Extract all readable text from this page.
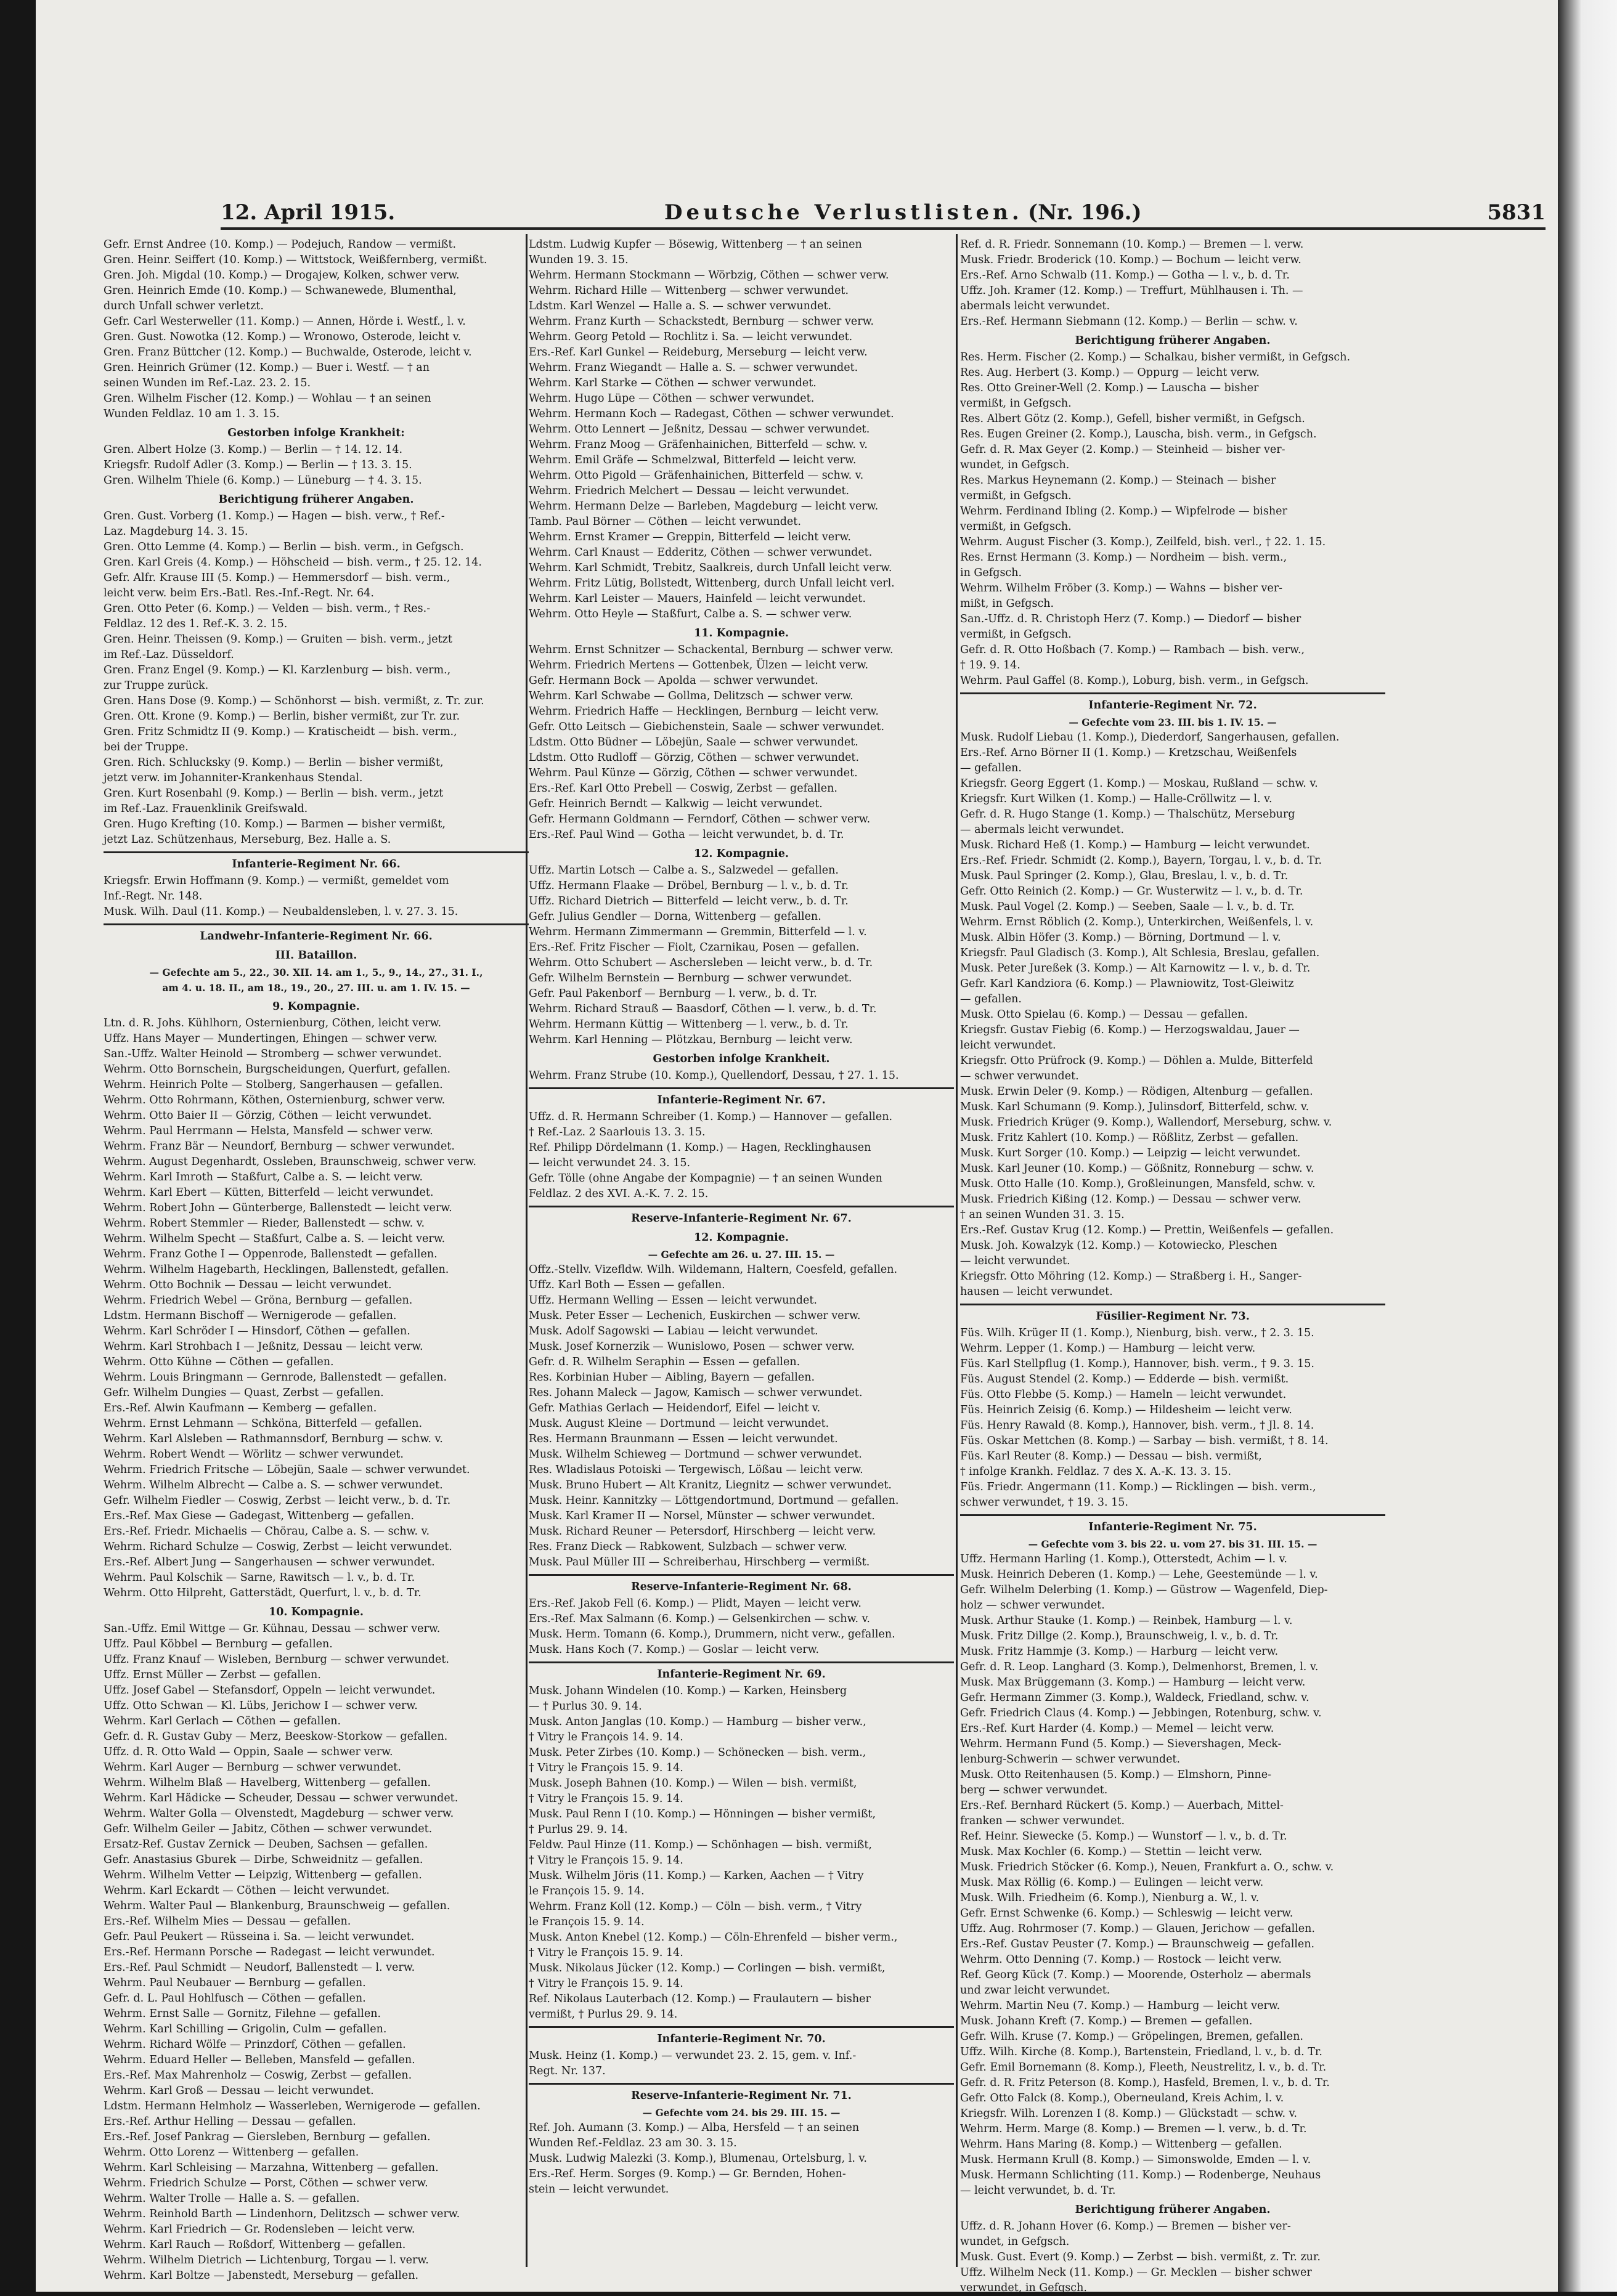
12. April 1915.	Deutsche Verlustlisten. (Nr. 196.)	5831
Gefr. Ernst Andree (10. Komp.) — Podejuch, Randow — vermißt.
Gren. Heinr. Seiffert (10. Komp.) — Wittstock, Weißfernberg, vermißt.
Gren. Joh. Migdal (10. Komp.) — Drogajew, Kolken, schwer verw.
Gren. Heinrich Emde (10. Komp.) — Schwanewede, Blumenthal,
durch Unfall schwer verletzt.
Gefr. Carl Westerweller (11. Komp.) — Annen, Hörde i. Westf., l. v.
Gren. Gust. Nowotka (12. Komp.) — Wronowo, Osterode, leicht v.
Gren. Franz Büttcher (12. Komp.) — Buchwalde, Osterode, leicht v.
Gren. Heinrich Grümer (12. Komp.) — Buer i. Westf. — † an
seinen Wunden im Ref.-Laz. 23. 2. 15.
Gren. Wilhelm Fischer (12. Komp.) — Wohlau — † an seinen
Wunden Feldlaz. 10 am 1. 3. 15.
Gestorben infolge Krankheit:
Gren. Albert Holze (3. Komp.) — Berlin — † 14. 12. 14.
Kriegsfr. Rudolf Adler (3. Komp.) — Berlin — † 13. 3. 15.
Gren. Wilhelm Thiele (6. Komp.) — Lüneburg — † 4. 3. 15.
Berichtigung früherer Angaben.
Gren. Gust. Vorberg (1. Komp.) — Hagen — bish. verw., † Ref.-
Laz. Magdeburg 14. 3. 15.
Gren. Otto Lemme (4. Komp.) — Berlin — bish. verm., in Gefgsch.
Gren. Karl Greis (4. Komp.) — Höhscheid — bish. verm., † 25. 12. 14.
Gefr. Alfr. Krause III (5. Komp.) — Hemmersdorf — bish. verm.,
leicht verw. beim Ers.-Batl. Res.-Inf.-Regt. Nr. 64.
Gren. Otto Peter (6. Komp.) — Velden — bish. verm., † Res.-
Feldlaz. 12 des 1. Ref.-K. 3. 2. 15.
Gren. Heinr. Theissen (9. Komp.) — Gruiten — bish. verm., jetzt
im Ref.-Laz. Düsseldorf.
Gren. Franz Engel (9. Komp.) — Kl. Karzlenburg — bish. verm.,
zur Truppe zurück.
Gren. Hans Dose (9. Komp.) — Schönhorst — bish. vermißt, z. Tr. zur.
Gren. Ott. Krone (9. Komp.) — Berlin, bisher vermißt, zur Tr. zur.
Gren. Fritz Schmidtz II (9. Komp.) — Kratischeidt — bish. verm.,
bei der Truppe.
Gren. Rich. Schlucksky (9. Komp.) — Berlin — bisher vermißt,
jetzt verw. im Johanniter-Krankenhaus Stendal.
Gren. Kurt Rosenbahl (9. Komp.) — Berlin — bish. verm., jetzt
im Ref.-Laz. Frauenklinik Greifswald.
Gren. Hugo Krefting (10. Komp.) — Barmen — bisher vermißt,
jetzt Laz. Schützenhaus, Merseburg, Bez. Halle a. S.
Infanterie-Regiment Nr. 66.
Kriegsfr. Erwin Hoffmann (9. Komp.) — vermißt, gemeldet vom
Inf.-Regt. Nr. 148.
Musk. Wilh. Daul (11. Komp.) — Neubaldensleben, l. v. 27. 3. 15.
Landwehr-Infanterie-Regiment Nr. 66.
III. Bataillon.
— Gefechte am 5., 22., 30. XII. 14. am 1., 5., 9., 14., 27., 31. I.,
am 4. u. 18. II., am 18., 19., 20., 27. III. u. am 1. IV. 15. —
9. Kompagnie.
Ltn. d. R. Johs. Kühlhorn, Osternienburg, Cöthen, leicht verw.
Uffz. Hans Mayer — Mundertingen, Ehingen — schwer verw.
San.-Uffz. Walter Heinold — Stromberg — schwer verwundet.
Wehrm. Otto Bornschein, Burgscheidungen, Querfurt, gefallen.
Wehrm. Heinrich Polte — Stolberg, Sangerhausen — gefallen.
Wehrm. Otto Rohrmann, Köthen, Osternienburg, schwer verw.
Wehrm. Otto Baier II — Görzig, Cöthen — leicht verwundet.
Wehrm. Paul Herrmann — Helsta, Mansfeld — schwer verw.
Wehrm. Franz Bär — Neundorf, Bernburg — schwer verwundet.
Wehrm. August Degenhardt, Ossleben, Braunschweig, schwer verw.
Wehrm. Karl Imroth — Staßfurt, Calbe a. S. — leicht verw.
Wehrm. Karl Ebert — Kütten, Bitterfeld — leicht verwundet.
Wehrm. Robert John — Günterberge, Ballenstedt — leicht verw.
Wehrm. Robert Stemmler — Rieder, Ballenstedt — schw. v.
Wehrm. Wilhelm Specht — Staßfurt, Calbe a. S. — leicht verw.
Wehrm. Franz Gothe I — Oppenrode, Ballenstedt — gefallen.
Wehrm. Wilhelm Hagebarth, Hecklingen, Ballenstedt, gefallen.
Wehrm. Otto Bochnik — Dessau — leicht verwundet.
Wehrm. Friedrich Webel — Gröna, Bernburg — gefallen.
Ldstm. Hermann Bischoff — Wernigerode — gefallen.
Wehrm. Karl Schröder I — Hinsdorf, Cöthen — gefallen.
Wehrm. Karl Strohbach I — Jeßnitz, Dessau — leicht verw.
Wehrm. Otto Kühne — Cöthen — gefallen.
Wehrm. Louis Bringmann — Gernrode, Ballenstedt — gefallen.
Gefr. Wilhelm Dungies — Quast, Zerbst — gefallen.
Ers.-Ref. Alwin Kaufmann — Kemberg — gefallen.
Wehrm. Ernst Lehmann — Schköna, Bitterfeld — gefallen.
Wehrm. Karl Alsleben — Rathmannsdorf, Bernburg — schw. v.
Wehrm. Robert Wendt — Wörlitz — schwer verwundet.
Wehrm. Friedrich Fritsche — Löbejün, Saale — schwer verwundet.
Wehrm. Wilhelm Albrecht — Calbe a. S. — schwer verwundet.
Gefr. Wilhelm Fiedler — Coswig, Zerbst — leicht verw., b. d. Tr.
Ers.-Ref. Max Giese — Gadegast, Wittenberg — gefallen.
Ers.-Ref. Friedr. Michaelis — Chörau, Calbe a. S. — schw. v.
Wehrm. Richard Schulze — Coswig, Zerbst — leicht verwundet.
Ers.-Ref. Albert Jung — Sangerhausen — schwer verwundet.
Wehrm. Paul Kolschik — Sarne, Rawitsch — l. v., b. d. Tr.
Wehrm. Otto Hilpreht, Gatterstädt, Querfurt, l. v., b. d. Tr.
10. Kompagnie.
San.-Uffz. Emil Wittge — Gr. Kühnau, Dessau — schwer verw.
Uffz. Paul Köbbel — Bernburg — gefallen.
Uffz. Franz Knauf — Wisleben, Bernburg — schwer verwundet.
Uffz. Ernst Müller — Zerbst — gefallen.
Uffz. Josef Gabel — Stefansdorf, Oppeln — leicht verwundet.
Uffz. Otto Schwan — Kl. Lübs, Jerichow I — schwer verw.
Wehrm. Karl Gerlach — Cöthen — gefallen.
Gefr. d. R. Gustav Guby — Merz, Beeskow-Storkow — gefallen.
Uffz. d. R. Otto Wald — Oppin, Saale — schwer verw.
Wehrm. Karl Auger — Bernburg — schwer verwundet.
Wehrm. Wilhelm Blaß — Havelberg, Wittenberg — gefallen.
Wehrm. Karl Hädicke — Scheuder, Dessau — schwer verwundet.
Wehrm. Walter Golla — Olvenstedt, Magdeburg — schwer verw.
Gefr. Wilhelm Geiler — Jabitz, Cöthen — schwer verwundet.
Ersatz-Ref. Gustav Zernick — Deuben, Sachsen — gefallen.
Gefr. Anastasius Gburek — Dirbe, Schweidnitz — gefallen.
Wehrm. Wilhelm Vetter — Leipzig, Wittenberg — gefallen.
Wehrm. Karl Eckardt — Cöthen — leicht verwundet.
Wehrm. Walter Paul — Blankenburg, Braunschweig — gefallen.
Ers.-Ref. Wilhelm Mies — Dessau — gefallen.
Gefr. Paul Peukert — Rüsseina i. Sa. — leicht verwundet.
Ers.-Ref. Hermann Porsche — Radegast — leicht verwundet.
Ers.-Ref. Paul Schmidt — Neudorf, Ballenstedt — l. verw.
Wehrm. Paul Neubauer — Bernburg — gefallen.
Gefr. d. L. Paul Hohlfusch — Cöthen — gefallen.
Wehrm. Ernst Salle — Gornitz, Filehne — gefallen.
Wehrm. Karl Schilling — Grigolin, Culm — gefallen.
Wehrm. Richard Wölfe — Prinzdorf, Cöthen — gefallen.
Wehrm. Eduard Heller — Belleben, Mansfeld — gefallen.
Ers.-Ref. Max Mahrenholz — Coswig, Zerbst — gefallen.
Wehrm. Karl Groß — Dessau — leicht verwundet.
Ldstm. Hermann Helmholz — Wasserleben, Wernigerode — gefallen.
Ers.-Ref. Arthur Helling — Dessau — gefallen.
Ers.-Ref. Josef Pankrag — Giersleben, Bernburg — gefallen.
Wehrm. Otto Lorenz — Wittenberg — gefallen.
Wehrm. Karl Schleising — Marzahna, Wittenberg — gefallen.
Wehrm. Friedrich Schulze — Porst, Cöthen — schwer verw.
Wehrm. Walter Trolle — Halle a. S. — gefallen.
Wehrm. Reinhold Barth — Lindenhorn, Delitzsch — schwer verw.
Wehrm. Karl Friedrich — Gr. Rodensleben — leicht verw.
Wehrm. Karl Rauch — Roßdorf, Wittenberg — gefallen.
Wehrm. Wilhelm Dietrich — Lichtenburg, Torgau — l. verw.
Wehrm. Karl Boltze — Jabenstedt, Merseburg — gefallen.
Ldstm. Ludwig Kupfer — Bösewig, Wittenberg — † an seinen
Wunden 19. 3. 15.
Wehrm. Hermann Stockmann — Wörbzig, Cöthen — schwer verw.
Wehrm. Richard Hille — Wittenberg — schwer verwundet.
Ldstm. Karl Wenzel — Halle a. S. — schwer verwundet.
Wehrm. Franz Kurth — Schackstedt, Bernburg — schwer verw.
Wehrm. Georg Petold — Rochlitz i. Sa. — leicht verwundet.
Ers.-Ref. Karl Gunkel — Reideburg, Merseburg — leicht verw.
Wehrm. Franz Wiegandt — Halle a. S. — schwer verwundet.
Wehrm. Karl Starke — Cöthen — schwer verwundet.
Wehrm. Hugo Lüpe — Cöthen — schwer verwundet.
Wehrm. Hermann Koch — Radegast, Cöthen — schwer verwundet.
Wehrm. Otto Lennert — Jeßnitz, Dessau — schwer verwundet.
Wehrm. Franz Moog — Gräfenhainichen, Bitterfeld — schw. v.
Wehrm. Emil Gräfe — Schmelzwal, Bitterfeld — leicht verw.
Wehrm. Otto Pigold — Gräfenhainichen, Bitterfeld — schw. v.
Wehrm. Friedrich Melchert — Dessau — leicht verwundet.
Wehrm. Hermann Delze — Barleben, Magdeburg — leicht verw.
Tamb. Paul Börner — Cöthen — leicht verwundet.
Wehrm. Ernst Kramer — Greppin, Bitterfeld — leicht verw.
Wehrm. Carl Knaust — Edderitz, Cöthen — schwer verwundet.
Wehrm. Karl Schmidt, Trebitz, Saalkreis, durch Unfall leicht verw.
Wehrm. Fritz Lütig, Bollstedt, Wittenberg, durch Unfall leicht verl.
Wehrm. Karl Leister — Mauers, Hainfeld — leicht verwundet.
Wehrm. Otto Heyle — Staßfurt, Calbe a. S. — schwer verw.
11. Kompagnie.
Wehrm. Ernst Schnitzer — Schackental, Bernburg — schwer verw.
Wehrm. Friedrich Mertens — Gottenbek, Ülzen — leicht verw.
Gefr. Hermann Bock — Apolda — schwer verwundet.
Wehrm. Karl Schwabe — Gollma, Delitzsch — schwer verw.
Wehrm. Friedrich Haffe — Hecklingen, Bernburg — leicht verw.
Gefr. Otto Leitsch — Giebichenstein, Saale — schwer verwundet.
Ldstm. Otto Büdner — Löbejün, Saale — schwer verwundet.
Ldstm. Otto Rudloff — Görzig, Cöthen — schwer verwundet.
Wehrm. Paul Künze — Görzig, Cöthen — schwer verwundet.
Ers.-Ref. Karl Otto Prebell — Coswig, Zerbst — gefallen.
Gefr. Heinrich Berndt — Kalkwig — leicht verwundet.
Gefr. Hermann Goldmann — Ferndorf, Cöthen — schwer verw.
Ers.-Ref. Paul Wind — Gotha — leicht verwundet, b. d. Tr.
12. Kompagnie.
Uffz. Martin Lotsch — Calbe a. S., Salzwedel — gefallen.
Uffz. Hermann Flaake — Dröbel, Bernburg — l. v., b. d. Tr.
Uffz. Richard Dietrich — Bitterfeld — leicht verw., b. d. Tr.
Gefr. Julius Gendler — Dorna, Wittenberg — gefallen.
Wehrm. Hermann Zimmermann — Gremmin, Bitterfeld — l. v.
Ers.-Ref. Fritz Fischer — Fiolt, Czarnikau, Posen — gefallen.
Wehrm. Otto Schubert — Aschersleben — leicht verw., b. d. Tr.
Gefr. Wilhelm Bernstein — Bernburg — schwer verwundet.
Gefr. Paul Pakenborf — Bernburg — l. verw., b. d. Tr.
Wehrm. Richard Strauß — Baasdorf, Cöthen — l. verw., b. d. Tr.
Wehrm. Hermann Küttig — Wittenberg — l. verw., b. d. Tr.
Wehrm. Karl Henning — Plötzkau, Bernburg — leicht verw.
Gestorben infolge Krankheit.
Wehrm. Franz Strube (10. Komp.), Quellendorf, Dessau, † 27. 1. 15.
Infanterie-Regiment Nr. 67.
Uffz. d. R. Hermann Schreiber (1. Komp.) — Hannover — gefallen.
† Ref.-Laz. 2 Saarlouis 13. 3. 15.
Ref. Philipp Dördelmann (1. Komp.) — Hagen, Recklinghausen
— leicht verwundet 24. 3. 15.
Gefr. Tölle (ohne Angabe der Kompagnie) — † an seinen Wunden
Feldlaz. 2 des XVI. A.-K. 7. 2. 15.
Reserve-Infanterie-Regiment Nr. 67.
12. Kompagnie.
— Gefechte am 26. u. 27. III. 15. —
Offz.-Stellv. Vizefldw. Wilh. Wildemann, Haltern, Coesfeld, gefallen.
Uffz. Karl Both — Essen — gefallen.
Uffz. Hermann Welling — Essen — leicht verwundet.
Musk. Peter Esser — Lechenich, Euskirchen — schwer verw.
Musk. Adolf Sagowski — Labiau — leicht verwundet.
Musk. Josef Kornerzik — Wunislowo, Posen — schwer verw.
Gefr. d. R. Wilhelm Seraphin — Essen — gefallen.
Res. Korbinian Huber — Aibling, Bayern — gefallen.
Res. Johann Maleck — Jagow, Kamisch — schwer verwundet.
Gefr. Mathias Gerlach — Heidendorf, Eifel — leicht v.
Musk. August Kleine — Dortmund — leicht verwundet.
Res. Hermann Braunmann — Essen — leicht verwundet.
Musk. Wilhelm Schieweg — Dortmund — schwer verwundet.
Res. Wladislaus Potoiski — Tergewisch, Lößau — leicht verw.
Musk. Bruno Hubert — Alt Kranitz, Liegnitz — schwer verwundet.
Musk. Heinr. Kannitzky — Löttgendortmund, Dortmund — gefallen.
Musk. Karl Kramer II — Norsel, Münster — schwer verwundet.
Musk. Richard Reuner — Petersdorf, Hirschberg — leicht verw.
Res. Franz Dieck — Rabkowent, Sulzbach — schwer verw.
Musk. Paul Müller III — Schreiberhau, Hirschberg — vermißt.
Reserve-Infanterie-Regiment Nr. 68.
Ers.-Ref. Jakob Fell (6. Komp.) — Plidt, Mayen — leicht verw.
Ers.-Ref. Max Salmann (6. Komp.) — Gelsenkirchen — schw. v.
Musk. Herm. Tomann (6. Komp.), Drummern, nicht verw., gefallen.
Musk. Hans Koch (7. Komp.) — Goslar — leicht verw.
Infanterie-Regiment Nr. 69.
Musk. Johann Windelen (10. Komp.) — Karken, Heinsberg
— † Purlus 30. 9. 14.
Musk. Anton Janglas (10. Komp.) — Hamburg — bisher verw.,
† Vitry le François 14. 9. 14.
Musk. Peter Zirbes (10. Komp.) — Schönecken — bish. verm.,
† Vitry le François 15. 9. 14.
Musk. Joseph Bahnen (10. Komp.) — Wilen — bish. vermißt,
† Vitry le François 15. 9. 14.
Musk. Paul Renn I (10. Komp.) — Hönningen — bisher vermißt,
† Purlus 29. 9. 14.
Feldw. Paul Hinze (11. Komp.) — Schönhagen — bish. vermißt,
† Vitry le François 15. 9. 14.
Musk. Wilhelm Jöris (11. Komp.) — Karken, Aachen — † Vitry
le François 15. 9. 14.
Wehrm. Franz Koll (12. Komp.) — Cöln — bish. verm., † Vitry
le François 15. 9. 14.
Musk. Anton Knebel (12. Komp.) — Cöln-Ehrenfeld — bisher verm.,
† Vitry le François 15. 9. 14.
Musk. Nikolaus Jücker (12. Komp.) — Corlingen — bish. vermißt,
† Vitry le François 15. 9. 14.
Ref. Nikolaus Lauterbach (12. Komp.) — Fraulautern — bisher
vermißt, † Purlus 29. 9. 14.
Infanterie-Regiment Nr. 70.
Musk. Heinz (1. Komp.) — verwundet 23. 2. 15, gem. v. Inf.-
Regt. Nr. 137.
Reserve-Infanterie-Regiment Nr. 71.
— Gefechte vom 24. bis 29. III. 15. —
Ref. Joh. Aumann (3. Komp.) — Alba, Hersfeld — † an seinen
Wunden Ref.-Feldlaz. 23 am 30. 3. 15.
Musk. Ludwig Malezki (3. Komp.), Blumenau, Ortelsburg, l. v.
Ers.-Ref. Herm. Sorges (9. Komp.) — Gr. Bernden, Hohen-
stein — leicht verwundet.
Ref. d. R. Friedr. Sonnemann (10. Komp.) — Bremen — l. verw.
Musk. Friedr. Broderick (10. Komp.) — Bochum — leicht verw.
Ers.-Ref. Arno Schwalb (11. Komp.) — Gotha — l. v., b. d. Tr.
Uffz. Joh. Kramer (12. Komp.) — Treffurt, Mühlhausen i. Th. —
abermals leicht verwundet.
Ers.-Ref. Hermann Siebmann (12. Komp.) — Berlin — schw. v.
Berichtigung früherer Angaben.
Res. Herm. Fischer (2. Komp.) — Schalkau, bisher vermißt, in Gefgsch.
Res. Aug. Herbert (3. Komp.) — Oppurg — leicht verw.
Res. Otto Greiner-Well (2. Komp.) — Lauscha — bisher
vermißt, in Gefgsch.
Res. Albert Götz (2. Komp.), Gefell, bisher vermißt, in Gefgsch.
Res. Eugen Greiner (2. Komp.), Lauscha, bish. verm., in Gefgsch.
Gefr. d. R. Max Geyer (2. Komp.) — Steinheid — bisher ver-
wundet, in Gefgsch.
Res. Markus Heynemann (2. Komp.) — Steinach — bisher
vermißt, in Gefgsch.
Wehrm. Ferdinand Ibling (2. Komp.) — Wipfelrode — bisher
vermißt, in Gefgsch.
Wehrm. August Fischer (3. Komp.), Zeilfeld, bish. verl., † 22. 1. 15.
Res. Ernst Hermann (3. Komp.) — Nordheim — bish. verm.,
in Gefgsch.
Wehrm. Wilhelm Fröber (3. Komp.) — Wahns — bisher ver-
mißt, in Gefgsch.
San.-Uffz. d. R. Christoph Herz (7. Komp.) — Diedorf — bisher
vermißt, in Gefgsch.
Gefr. d. R. Otto Hoßbach (7. Komp.) — Rambach — bish. verw.,
† 19. 9. 14.
Wehrm. Paul Gaffel (8. Komp.), Loburg, bish. verm., in Gefgsch.
Infanterie-Regiment Nr. 72.
— Gefechte vom 23. III. bis 1. IV. 15. —
Musk. Rudolf Liebau (1. Komp.), Diederdorf, Sangerhausen, gefallen.
Ers.-Ref. Arno Börner II (1. Komp.) — Kretzschau, Weißenfels
— gefallen.
Kriegsfr. Georg Eggert (1. Komp.) — Moskau, Rußland — schw. v.
Kriegsfr. Kurt Wilken (1. Komp.) — Halle-Cröllwitz — l. v.
Gefr. d. R. Hugo Stange (1. Komp.) — Thalschütz, Merseburg
— abermals leicht verwundet.
Musk. Richard Heß (1. Komp.) — Hamburg — leicht verwundet.
Ers.-Ref. Friedr. Schmidt (2. Komp.), Bayern, Torgau, l. v., b. d. Tr.
Musk. Paul Springer (2. Komp.), Glau, Breslau, l. v., b. d. Tr.
Gefr. Otto Reinich (2. Komp.) — Gr. Wusterwitz — l. v., b. d. Tr.
Musk. Paul Vogel (2. Komp.) — Seeben, Saale — l. v., b. d. Tr.
Wehrm. Ernst Röblich (2. Komp.), Unterkirchen, Weißenfels, l. v.
Musk. Albin Höfer (3. Komp.) — Börning, Dortmund — l. v.
Kriegsfr. Paul Gladisch (3. Komp.), Alt Schlesia, Breslau, gefallen.
Musk. Peter Jureßek (3. Komp.) — Alt Karnowitz — l. v., b. d. Tr.
Gefr. Karl Kandziora (6. Komp.) — Plawniowitz, Tost-Gleiwitz
— gefallen.
Musk. Otto Spielau (6. Komp.) — Dessau — gefallen.
Kriegsfr. Gustav Fiebig (6. Komp.) — Herzogswaldau, Jauer —
leicht verwundet.
Kriegsfr. Otto Prüfrock (9. Komp.) — Döhlen a. Mulde, Bitterfeld
— schwer verwundet.
Musk. Erwin Deler (9. Komp.) — Rödigen, Altenburg — gefallen.
Musk. Karl Schumann (9. Komp.), Julinsdorf, Bitterfeld, schw. v.
Musk. Friedrich Krüger (9. Komp.), Wallendorf, Merseburg, schw. v.
Musk. Fritz Kahlert (10. Komp.) — Rößlitz, Zerbst — gefallen.
Musk. Kurt Sorger (10. Komp.) — Leipzig — leicht verwundet.
Musk. Karl Jeuner (10. Komp.) — Gößnitz, Ronneburg — schw. v.
Musk. Otto Halle (10. Komp.), Großleinungen, Mansfeld, schw. v.
Musk. Friedrich Kißing (12. Komp.) — Dessau — schwer verw.
† an seinen Wunden 31. 3. 15.
Ers.-Ref. Gustav Krug (12. Komp.) — Prettin, Weißenfels — gefallen.
Musk. Joh. Kowalzyk (12. Komp.) — Kotowiecko, Pleschen
— leicht verwundet.
Kriegsfr. Otto Möhring (12. Komp.) — Straßberg i. H., Sanger-
hausen — leicht verwundet.
Füsilier-Regiment Nr. 73.
Füs. Wilh. Krüger II (1. Komp.), Nienburg, bish. verw., † 2. 3. 15.
Wehrm. Lepper (1. Komp.) — Hamburg — leicht verw.
Füs. Karl Stellpflug (1. Komp.), Hannover, bish. verm., † 9. 3. 15.
Füs. August Stendel (2. Komp.) — Edderde — bish. vermißt.
Füs. Otto Flebbe (5. Komp.) — Hameln — leicht verwundet.
Füs. Heinrich Zeisig (6. Komp.) — Hildesheim — leicht verw.
Füs. Henry Rawald (8. Komp.), Hannover, bish. verm., † Jl. 8. 14.
Füs. Oskar Mettchen (8. Komp.) — Sarbay — bish. vermißt, † 8. 14.
Füs. Karl Reuter (8. Komp.) — Dessau — bish. vermißt,
† infolge Krankh. Feldlaz. 7 des X. A.-K. 13. 3. 15.
Füs. Friedr. Angermann (11. Komp.) — Ricklingen — bish. verm.,
schwer verwundet, † 19. 3. 15.
Infanterie-Regiment Nr. 75.
— Gefechte vom 3. bis 22. u. vom 27. bis 31. III. 15. —
Uffz. Hermann Harling (1. Komp.), Otterstedt, Achim — l. v.
Musk. Heinrich Deberen (1. Komp.) — Lehe, Geestemünde — l. v.
Gefr. Wilhelm Delerbing (1. Komp.) — Güstrow — Wagenfeld, Diep-
holz — schwer verwundet.
Musk. Arthur Stauke (1. Komp.) — Reinbek, Hamburg — l. v.
Musk. Fritz Dillge (2. Komp.), Braunschweig, l. v., b. d. Tr.
Musk. Fritz Hammje (3. Komp.) — Harburg — leicht verw.
Gefr. d. R. Leop. Langhard (3. Komp.), Delmenhorst, Bremen, l. v.
Musk. Max Brüggemann (3. Komp.) — Hamburg — leicht verw.
Gefr. Hermann Zimmer (3. Komp.), Waldeck, Friedland, schw. v.
Gefr. Friedrich Claus (4. Komp.) — Jebbingen, Rotenburg, schw. v.
Ers.-Ref. Kurt Harder (4. Komp.) — Memel — leicht verw.
Wehrm. Hermann Fund (5. Komp.) — Sievershagen, Meck-
lenburg-Schwerin — schwer verwundet.
Musk. Otto Reitenhausen (5. Komp.) — Elmshorn, Pinne-
berg — schwer verwundet.
Ers.-Ref. Bernhard Rückert (5. Komp.) — Auerbach, Mittel-
franken — schwer verwundet.
Ref. Heinr. Siewecke (5. Komp.) — Wunstorf — l. v., b. d. Tr.
Musk. Max Kochler (6. Komp.) — Stettin — leicht verw.
Musk. Friedrich Stöcker (6. Komp.), Neuen, Frankfurt a. O., schw. v.
Musk. Max Röllig (6. Komp.) — Eulingen — leicht verw.
Musk. Wilh. Friedheim (6. Komp.), Nienburg a. W., l. v.
Gefr. Ernst Schwenke (6. Komp.) — Schleswig — leicht verw.
Uffz. Aug. Rohrmoser (7. Komp.) — Glauen, Jerichow — gefallen.
Ers.-Ref. Gustav Peuster (7. Komp.) — Braunschweig — gefallen.
Wehrm. Otto Denning (7. Komp.) — Rostock — leicht verw.
Ref. Georg Kück (7. Komp.) — Moorende, Osterholz — abermals
und zwar leicht verwundet.
Wehrm. Martin Neu (7. Komp.) — Hamburg — leicht verw.
Musk. Johann Kreft (7. Komp.) — Bremen — gefallen.
Gefr. Wilh. Kruse (7. Komp.) — Gröpelingen, Bremen, gefallen.
Uffz. Wilh. Kirche (8. Komp.), Bartenstein, Friedland, l. v., b. d. Tr.
Gefr. Emil Bornemann (8. Komp.), Fleeth, Neustrelitz, l. v., b. d. Tr.
Gefr. d. R. Fritz Peterson (8. Komp.), Hasfeld, Bremen, l. v., b. d. Tr.
Gefr. Otto Falck (8. Komp.), Oberneuland, Kreis Achim, l. v.
Kriegsfr. Wilh. Lorenzen I (8. Komp.) — Glückstadt — schw. v.
Wehrm. Herm. Marge (8. Komp.) — Bremen — l. verw., b. d. Tr.
Wehrm. Hans Maring (8. Komp.) — Wittenberg — gefallen.
Musk. Hermann Krull (8. Komp.) — Simonswolde, Emden — l. v.
Musk. Hermann Schlichting (11. Komp.) — Rodenberge, Neuhaus
— leicht verwundet, b. d. Tr.
Berichtigung früherer Angaben.
Uffz. d. R. Johann Hover (6. Komp.) — Bremen — bisher ver-
wundet, in Gefgsch.
Musk. Gust. Evert (9. Komp.) — Zerbst — bish. vermißt, z. Tr. zur.
Uffz. Wilhelm Neck (11. Komp.) — Gr. Mecklen — bisher schwer
verwundet, in Gefgsch.
